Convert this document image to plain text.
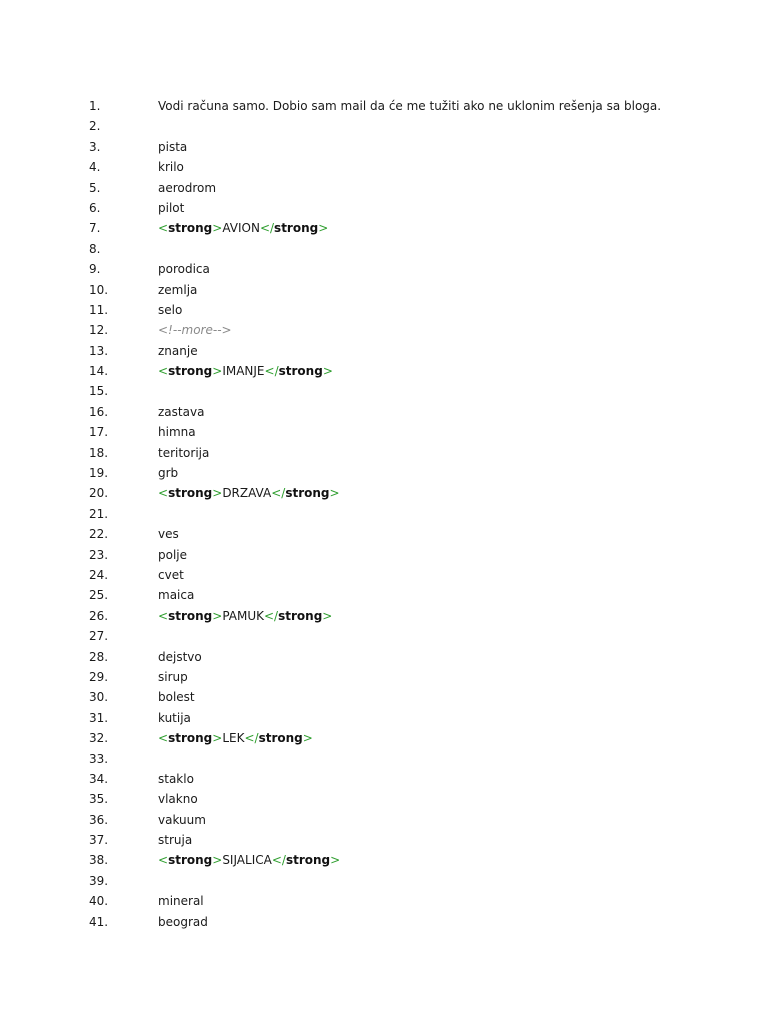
1.	Vodi računa samo. Dobio sam mail da će me tužiti ako ne uklonim rešenja sa bloga.
2.
3.	pista
4.	krilo
5.	aerodrom
6.	pilot
7.	<strong>AVION</strong>
8.
9.	porodica
10.	zemlja
11.	selo
12.	<!--more-->
13.	znanje
14.	<strong>IMANJE</strong>
15.
16.	zastava
17.	himna
18.	teritorija
19.	grb
20.	<strong>DRZAVA</strong>
21.
22.	ves
23.	polje
24.	cvet
25.	maica
26.	<strong>PAMUK</strong>
27.
28.	dejstvo
29.	sirup
30.	bolest
31.	kutija
32.	<strong>LEK</strong>
33.
34.	staklo
35.	vlakno
36.	vakuum
37.	struja
38.	<strong>SIJALICA</strong>
39.
40.	mineral
41.	beograd
